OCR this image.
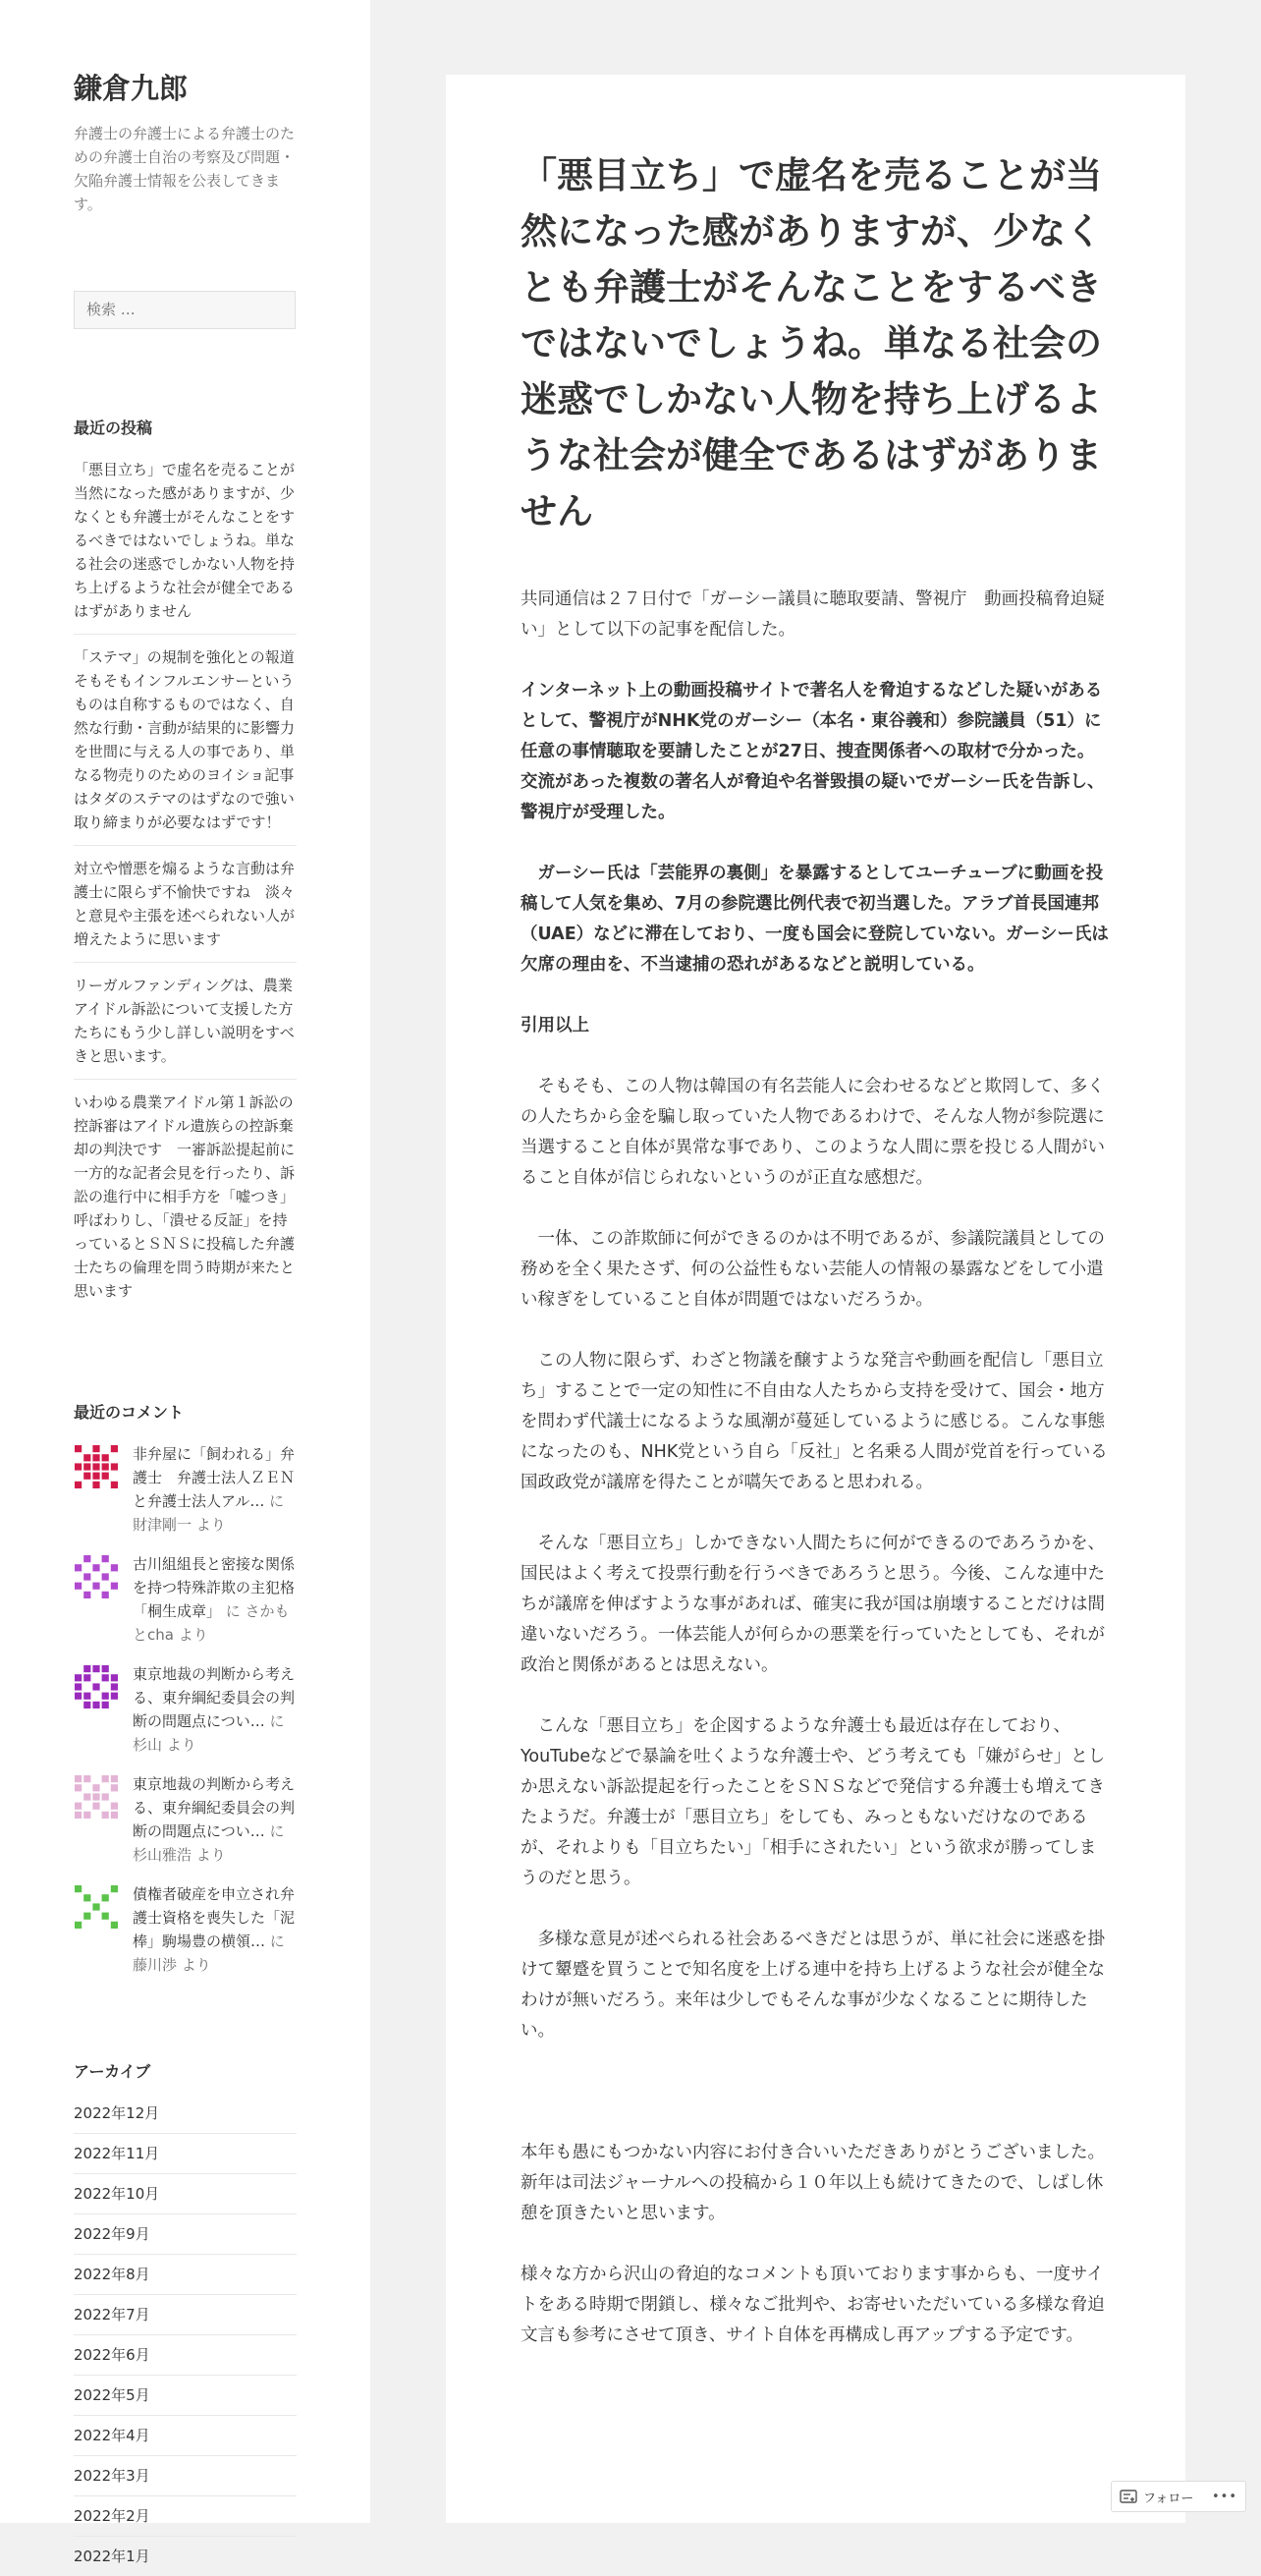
鎌倉九郎
弁護士の弁護士による弁護士のための弁護士自治の考察及び問題・欠陥弁護士情報を公表してきます。
検索 …
最近の投稿
「悪目立ち」で虚名を売ることが当然になった感がありますが、少なくとも弁護士がそんなことをするべきではないでしょうね。単なる社会の迷惑でしかない人物を持ち上げるような社会が健全であるはずがありません
「ステマ」の規制を強化との報道　そもそもインフルエンサーというものは自称するものではなく、自然な行動・言動が結果的に影響力を世間に与える人の事であり、単なる物売りのためのヨイショ記事はタダのステマのはずなので強い取り締まりが必要なはずです！
対立や憎悪を煽るような言動は弁護士に限らず不愉快ですね　淡々と意見や主張を述べられない人が増えたように思います
リーガルファンディングは、農業アイドル訴訟について支援した方たちにもう少し詳しい説明をすべきと思います。
いわゆる農業アイドル第１訴訟の控訴審はアイドル遺族らの控訴棄却の判決です　一審訴訟提起前に一方的な記者会見を行ったり、訴訟の進行中に相手方を「嘘つき」呼ばわりし、「潰せる反証」を持っているとＳＮＳに投稿した弁護士たちの倫理を問う時期が来たと思います
最近のコメント
非弁屋に「飼われる」弁護士　弁護士法人ＺＥＮと弁護士法人アル… に 財津剛一 より
古川組組長と密接な関係を持つ特殊詐欺の主犯格「桐生成章」 に さかもとcha より
東京地裁の判断から考える、東弁綱紀委員会の判断の問題点につい… に 杉山 より
東京地裁の判断から考える、東弁綱紀委員会の判断の問題点につい… に 杉山雅浩 より
債権者破産を申立され弁護士資格を喪失した「泥棒」駒場豊の横領… に 藤川渉 より
アーカイブ
2022年12月
2022年11月
2022年10月
2022年9月
2022年8月
2022年7月
2022年6月
2022年5月
2022年4月
2022年3月
2022年2月
2022年1月
「悪目立ち」で虚名を売ることが当然になった感がありますが、少なくとも弁護士がそんなことをするべきではないでしょうね。単なる社会の迷惑でしかない人物を持ち上げるような社会が健全であるはずがありません

共同通信は２７日付で「ガーシー議員に聴取要請、警視庁　動画投稿脅迫疑い」として以下の記事を配信した。

インターネット上の動画投稿サイトで著名人を脅迫するなどした疑いがあるとして、警視庁がNHK党のガーシー（本名・東谷義和）参院議員（51）に任意の事情聴取を要請したことが27日、捜査関係者への取材で分かった。交流があった複数の著名人が脅迫や名誉毀損の疑いでガーシー氏を告訴し、警視庁が受理した。

　ガーシー氏は「芸能界の裏側」を暴露するとしてユーチューブに動画を投稿して人気を集め、7月の参院選比例代表で初当選した。アラブ首長国連邦（UAE）などに滞在しており、一度も国会に登院していない。ガーシー氏は欠席の理由を、不当逮捕の恐れがあるなどと説明している。

引用以上

　そもそも、この人物は韓国の有名芸能人に会わせるなどと欺罔して、多くの人たちから金を騙し取っていた人物であるわけで、そんな人物が参院選に当選すること自体が異常な事であり、このような人間に票を投じる人間がいること自体が信じられないというのが正直な感想だ。

　一体、この詐欺師に何ができるのかは不明であるが、参議院議員としての務めを全く果たさず、何の公益性もない芸能人の情報の暴露などをして小遣い稼ぎをしていること自体が問題ではないだろうか。

　この人物に限らず、わざと物議を醸すような発言や動画を配信し「悪目立ち」することで一定の知性に不自由な人たちから支持を受けて、国会・地方を問わず代議士になるような風潮が蔓延しているように感じる。こんな事態になったのも、NHK党という自ら「反社」と名乗る人間が党首を行っている国政政党が議席を得たことが嚆矢であると思われる。

　そんな「悪目立ち」しかできない人間たちに何ができるのであろうかを、国民はよく考えて投票行動を行うべきであろうと思う。今後、こんな連中たちが議席を伸ばすような事があれば、確実に我が国は崩壊することだけは間違いないだろう。一体芸能人が何らかの悪業を行っていたとしても、それが政治と関係があるとは思えない。

　こんな「悪目立ち」を企図するような弁護士も最近は存在しており、YouTubeなどで暴論を吐くような弁護士や、どう考えても「嫌がらせ」としか思えない訴訟提起を行ったことをＳＮＳなどで発信する弁護士も増えてきたようだ。弁護士が「悪目立ち」をしても、みっともないだけなのであるが、それよりも「目立ちたい」「相手にされたい」という欲求が勝ってしまうのだと思う。

　多様な意見が述べられる社会あるべきだとは思うが、単に社会に迷惑を掛けて顰蹙を買うことで知名度を上げる連中を持ち上げるような社会が健全なわけが無いだろう。来年は少しでもそんな事が少なくなることに期待したい。

本年も愚にもつかない内容にお付き合いいただきありがとうございました。新年は司法ジャーナルへの投稿から１０年以上も続けてきたので、しばし休憩を頂きたいと思います。

様々な方から沢山の脅迫的なコメントも頂いております事からも、一度サイトをある時期で閉鎖し、様々なご批判や、お寄せいただいている多様な脅迫文言も参考にさせて頂き、サイト自体を再構成し再アップする予定です。

フォロー •••
